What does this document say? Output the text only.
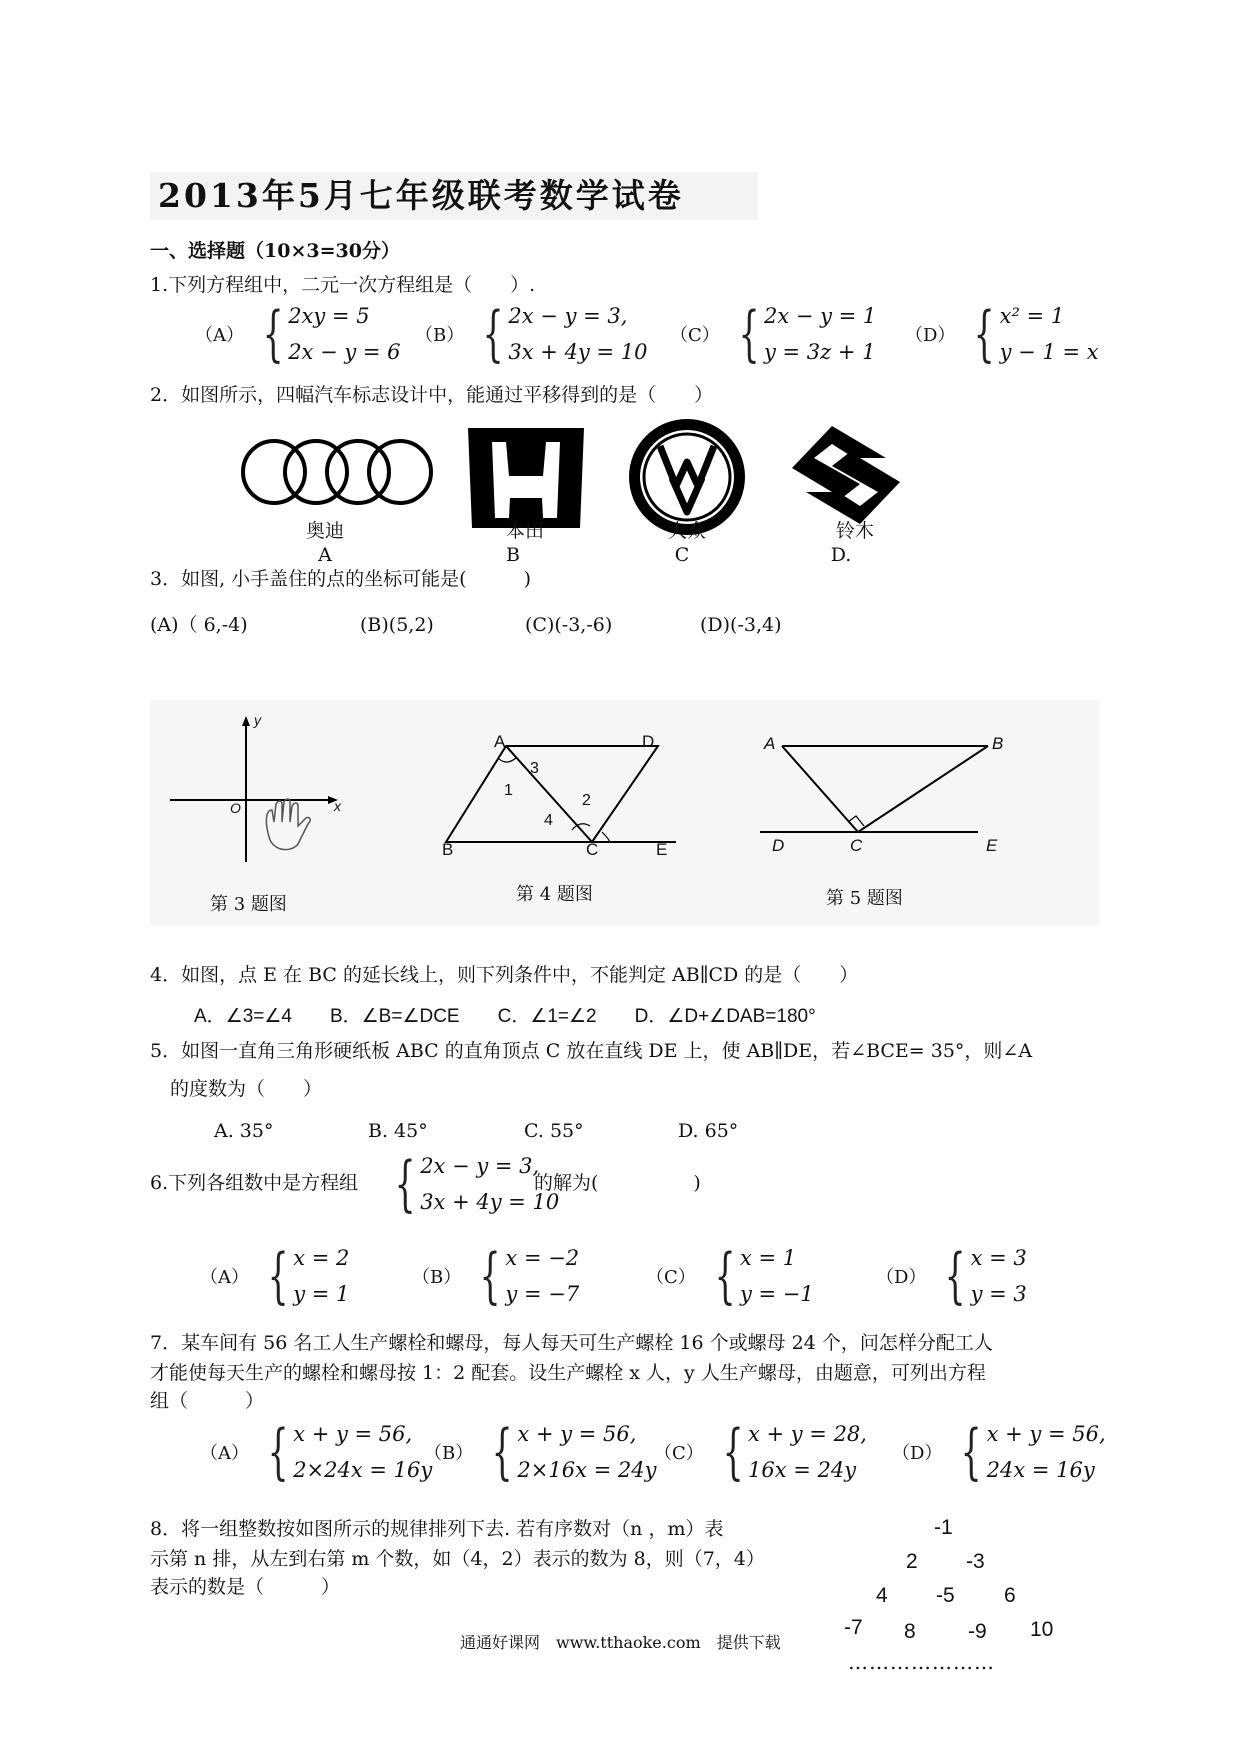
2013年5月七年级联考数学试卷
一、选择题（10×3=30分）
1.下列方程组中，二元一次方程组是（　　）.
（A） { 2xy = 5
2x − y = 6
（B） { 2x − y = 3,
3x + 4y = 10
（C） { 2x − y = 1
y = 3z + 1
（D） { x² = 1
y − 1 = x
2．如图所示，四幅汽车标志设计中，能通过平移得到的是（　　）
奥迪	本田	大众	铃木
A	B	C	D.
3．如图, 小手盖住的点的坐标可能是(　　　)
(A)（ 6,-4)	(B)(5,2)	(C)(-3,-6)	(D)(-3,4)
y
x
O
第 3 题图
A	D
B	C	E
1
2
3
4
第 4 题图
A	B
D	C	E
第 5 题图
4．如图，点 E 在 BC 的延长线上，则下列条件中，不能判定 AB∥CD 的是（　　）
A．∠3=∠4　　B．∠B=∠DCE　　C．∠1=∠2　　D．∠D+∠DAB=180°
5．如图一直角三角形硬纸板 ABC 的直角顶点 C 放在直线 DE 上，使 AB∥DE，若∠BCE= 35°，则∠A
的度数为（　　）
A. 35°	B. 45°	C. 55°	D. 65°
6.下列各组数中是方程组 { 2x − y = 3,
3x + 4y = 10
的解为(　　　　　)
（A） { x = 2
y = 1
（B） { x = −2
y = −7
（C） { x = 1
y = −1
（D） { x = 3
y = 3
7．某车间有 56 名工人生产螺栓和螺母，每人每天可生产螺栓 16 个或螺母 24 个，问怎样分配工人
才能使每天生产的螺栓和螺母按 1：2 配套。设生产螺栓 x 人，y 人生产螺母，由题意，可列出方程
组（　　　）
（A） { x + y = 56,
2×24x = 16y
（B） { x + y = 56,
2×16x = 24y
（C） { x + y = 28,
16x = 24y
（D） { x + y = 56,
24x = 16y
8．将一组整数按如图所示的规律排列下去. 若有序数对（n ，m）表
示第 n 排，从左到右第 m 个数，如（4，2）表示的数为 8，则（7，4）
表示的数是（　　　）
-1
2 -3
4 -5 6
-7 8 -9 10
…………………
通通好课网　www.tthaoke.com　提供下载
